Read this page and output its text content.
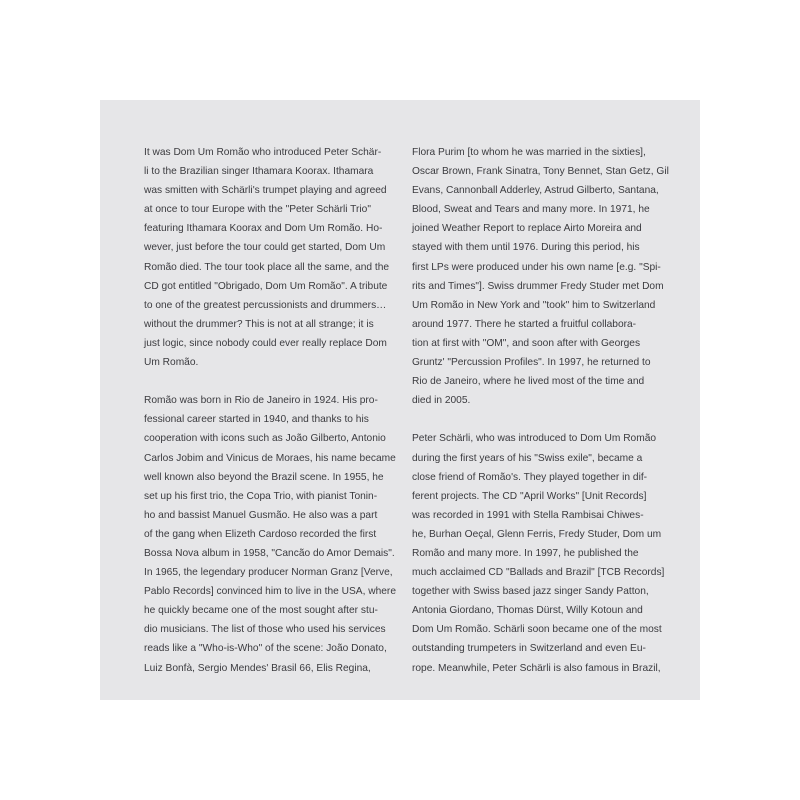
It was Dom Um Romão who introduced Peter Schär-
li to the Brazilian singer Ithamara Koorax. Ithamara
was smitten with Schärli's trumpet playing and agreed
at once to tour Europe with the "Peter Schärli Trio"
featuring Ithamara Koorax and Dom Um Romão. Ho-
wever, just before the tour could get started, Dom Um
Romão died. The tour took place all the same, and the
CD got entitled "Obrigado, Dom Um Romão". A tribute
to one of the greatest percussionists and drummers…
without the drummer? This is not at all strange; it is
just logic, since nobody could ever really replace Dom
Um Romão.
Romão was born in Rio de Janeiro in 1924. His pro-
fessional career started in 1940, and thanks to his
cooperation with icons such as João Gilberto, Antonio
Carlos Jobim and Vinicus de Moraes, his name became
well known also beyond the Brazil scene. In 1955, he
set up his first trio, the Copa Trio, with pianist Tonin-
ho and bassist Manuel Gusmão. He also was a part
of the gang when Elizeth Cardoso recorded the first
Bossa Nova album in 1958, "Cancão do Amor Demais".
In 1965, the legendary producer Norman Granz [Verve,
Pablo Records] convinced him to live in the USA, where
he quickly became one of the most sought after stu-
dio musicians. The list of those who used his services
reads like a "Who-is-Who" of the scene: João Donato,
Luiz Bonfà, Sergio Mendes' Brasil 66, Elis Regina,
Flora Purim [to whom he was married in the sixties],
Oscar Brown, Frank Sinatra, Tony Bennet, Stan Getz, Gil
Evans, Cannonball Adderley, Astrud Gilberto, Santana,
Blood, Sweat and Tears and many more. In 1971, he
joined Weather Report to replace Airto Moreira and
stayed with them until 1976. During this period, his
first LPs were produced under his own name [e.g. "Spi-
rits and Times"]. Swiss drummer Fredy Studer met Dom
Um Romão in New York and "took" him to Switzerland
around 1977. There he started a fruitful collabora-
tion at first with "OM", and soon after with Georges
Gruntz' "Percussion Profiles". In 1997, he returned to
Rio de Janeiro, where he lived most of the time and
died in 2005.
Peter Schärli, who was introduced to Dom Um Romão
during the first years of his "Swiss exile", became a
close friend of Romão's. They played together in dif-
ferent projects. The CD "April Works" [Unit Records]
was recorded in 1991 with Stella Rambisai Chiwes-
he, Burhan Oeçal, Glenn Ferris, Fredy Studer, Dom um
Romão and many more. In 1997, he published the
much acclaimed CD "Ballads and Brazil" [TCB Records]
together with Swiss based jazz singer Sandy Patton,
Antonia Giordano, Thomas Dürst, Willy Kotoun and
Dom Um Romão. Schärli soon became one of the most
outstanding trumpeters in Switzerland and even Eu-
rope. Meanwhile, Peter Schärli is also famous in Brazil,
